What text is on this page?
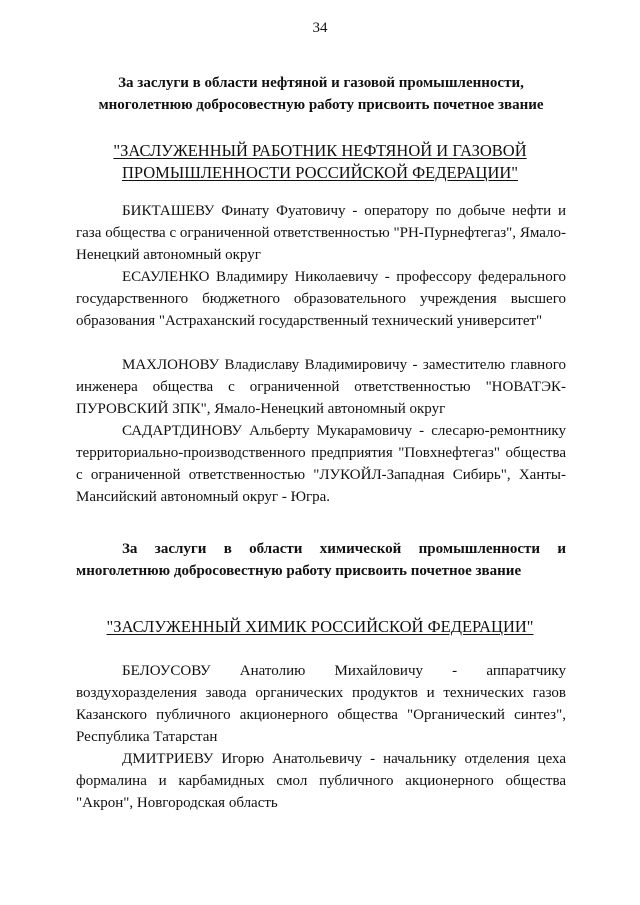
34
За заслуги в области нефтяной и газовой промышленности, многолетнюю добросовестную работу присвоить почетное звание
"ЗАСЛУЖЕННЫЙ РАБОТНИК НЕФТЯНОЙ И ГАЗОВОЙ
ПРОМЫШЛЕННОСТИ РОССИЙСКОЙ ФЕДЕРАЦИИ"
БИКТАШЕВУ Финату Фуатовичу - оператору по добыче нефти и газа общества с ограниченной ответственностью "РН-Пурнефтегаз", Ямало-Ненецкий автономный округ
ЕСАУЛЕНКО Владимиру Николаевичу - профессору федерального государственного бюджетного образовательного учреждения высшего образования "Астраханский государственный технический университет"
МАХЛОНОВУ Владиславу Владимировичу - заместителю главного инженера общества с ограниченной ответственностью "НОВАТЭК-ПУРОВСКИЙ ЗПК", Ямало-Ненецкий автономный округ
САДАРТДИНОВУ Альберту Мукарамовичу - слесарю-ремонтнику территориально-производственного предприятия "Повхнефтегаз" общества с ограниченной ответственностью "ЛУКОЙЛ-Западная Сибирь", Ханты-Мансийский автономный округ - Югра.
За заслуги в области химической промышленности и многолетнюю добросовестную работу присвоить почетное звание
"ЗАСЛУЖЕННЫЙ ХИМИК РОССИЙСКОЙ ФЕДЕРАЦИИ"
БЕЛОУСОВУ Анатолию Михайловичу - аппаратчику воздухоразделения завода органических продуктов и технических газов Казанского публичного акционерного общества "Органический синтез", Республика Татарстан
ДМИТРИЕВУ Игорю Анатольевичу - начальнику отделения цеха формалина и карбамидных смол публичного акционерного общества "Акрон", Новгородская область
